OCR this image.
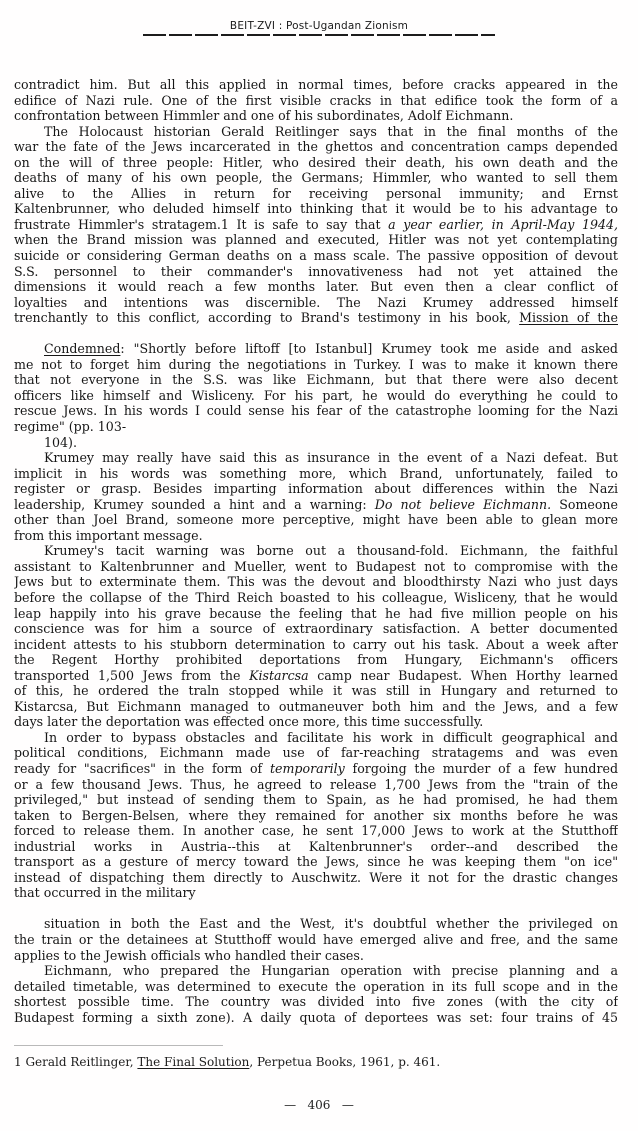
BEIT-ZVI : Post-Ugandan Zionism
contradict him. But all this applied in normal times, before cracks appeared in the
edifice of Nazi rule. One of the first visible cracks in that edifice took the form of a
confrontation between Himmler and one of his subordinates, Adolf Eichmann.
The Holocaust historian Gerald Reitlinger says that in the final months of the
war the fate of the Jews incarcerated in the ghettos and concentration camps depended
on the will of three people: Hitler, who desired their death, his own death and the
deaths of many of his own people, the Germans; Himmler, who wanted to sell them
alive to the Allies in return for receiving personal immunity; and Ernst
Kaltenbrunner, who deluded himself into thinking that it would be to his advantage to
frustrate Himmler's stratagem.1 It is safe to say that a year earlier, in April-May 1944,
when the Brand mission was planned and executed, Hitler was not yet contemplating
suicide or considering German deaths on a mass scale. The passive opposition of devout
S.S. personnel to their commander's innovativeness had not yet attained the
dimensions it would reach a few months later. But even then a clear conflict of
loyalties and intentions was discernible. The Nazi Krumey addressed himself
trenchantly to this conflict, according to Brand's testimony in his book, Mission of the
Condemned: "Shortly before liftoff [to Istanbul] Krumey took me aside and asked
me not to forget him during the negotiations in Turkey. I was to make it known there
that not everyone in the S.S. was like Eichmann, but that there were also decent
officers like himself and Wisliceny. For his part, he would do everything he could to
rescue Jews. In his words I could sense his fear of the catastrophe looming for the Nazi
regime" (pp. 103-
104).
Krumey may really have said this as insurance in the event of a Nazi defeat. But
implicit in his words was something more, which Brand, unfortunately, failed to
register or grasp. Besides imparting information about differences within the Nazi
leadership, Krumey sounded a hint and a warning: Do not believe Eichmann. Someone
other than Joel Brand, someone more perceptive, might have been able to glean more
from this important message.
Krumey's tacit warning was borne out a thousand-fold. Eichmann, the faithful
assistant to Kaltenbrunner and Mueller, went to Budapest not to compromise with the
Jews but to exterminate them. This was the devout and bloodthirsty Nazi who just days
before the collapse of the Third Reich boasted to his colleague, Wisliceny, that he would
leap happily into his grave because the feeling that he had five million people on his
conscience was for him a source of extraordinary satisfaction. A better documented
incident attests to his stubborn determination to carry out his task. About a week after
the Regent Horthy prohibited deportations from Hungary, Eichmann's officers
transported 1,500 Jews from the Kistarcsa camp near Budapest. When Horthy learned
of this, he ordered the traln stopped while it was still in Hungary and returned to
Kistarcsa, But Eichmann managed to outmaneuver both him and the Jews, and a few
days later the deportation was effected once more, this time successfully.
In order to bypass obstacles and facilitate his work in difficult geographical and
political conditions, Eichmann made use of far-reaching stratagems and was even
ready for "sacrifices" in the form of temporarily forgoing the murder of a few hundred
or a few thousand Jews. Thus, he agreed to release 1,700 Jews from the "train of the
privileged," but instead of sending them to Spain, as he had promised, he had them
taken to Bergen-Belsen, where they remained for another six months before he was
forced to release them. In another case, he sent 17,000 Jews to work at the Stutthoff
industrial works in Austria--this at Kaltenbrunner's order--and described the
transport as a gesture of mercy toward the Jews, since he was keeping them "on ice"
instead of dispatching them directly to Auschwitz. Were it not for the drastic changes
that occurred in the military
situation in both the East and the West, it's doubtful whether the privileged on
the train or the detainees at Stutthoff would have emerged alive and free, and the same
applies to the Jewish officials who handled their cases.
Eichmann, who prepared the Hungarian operation with precise planning and a
detailed timetable, was determined to execute the operation in its full scope and in the
shortest possible time. The country was divided into five zones (with the city of
Budapest forming a sixth zone). A daily quota of deportees was set: four trains of 45
1 Gerald Reitlinger, The Final Solution, Perpetua Books, 1961, p. 461.
—   406   —
